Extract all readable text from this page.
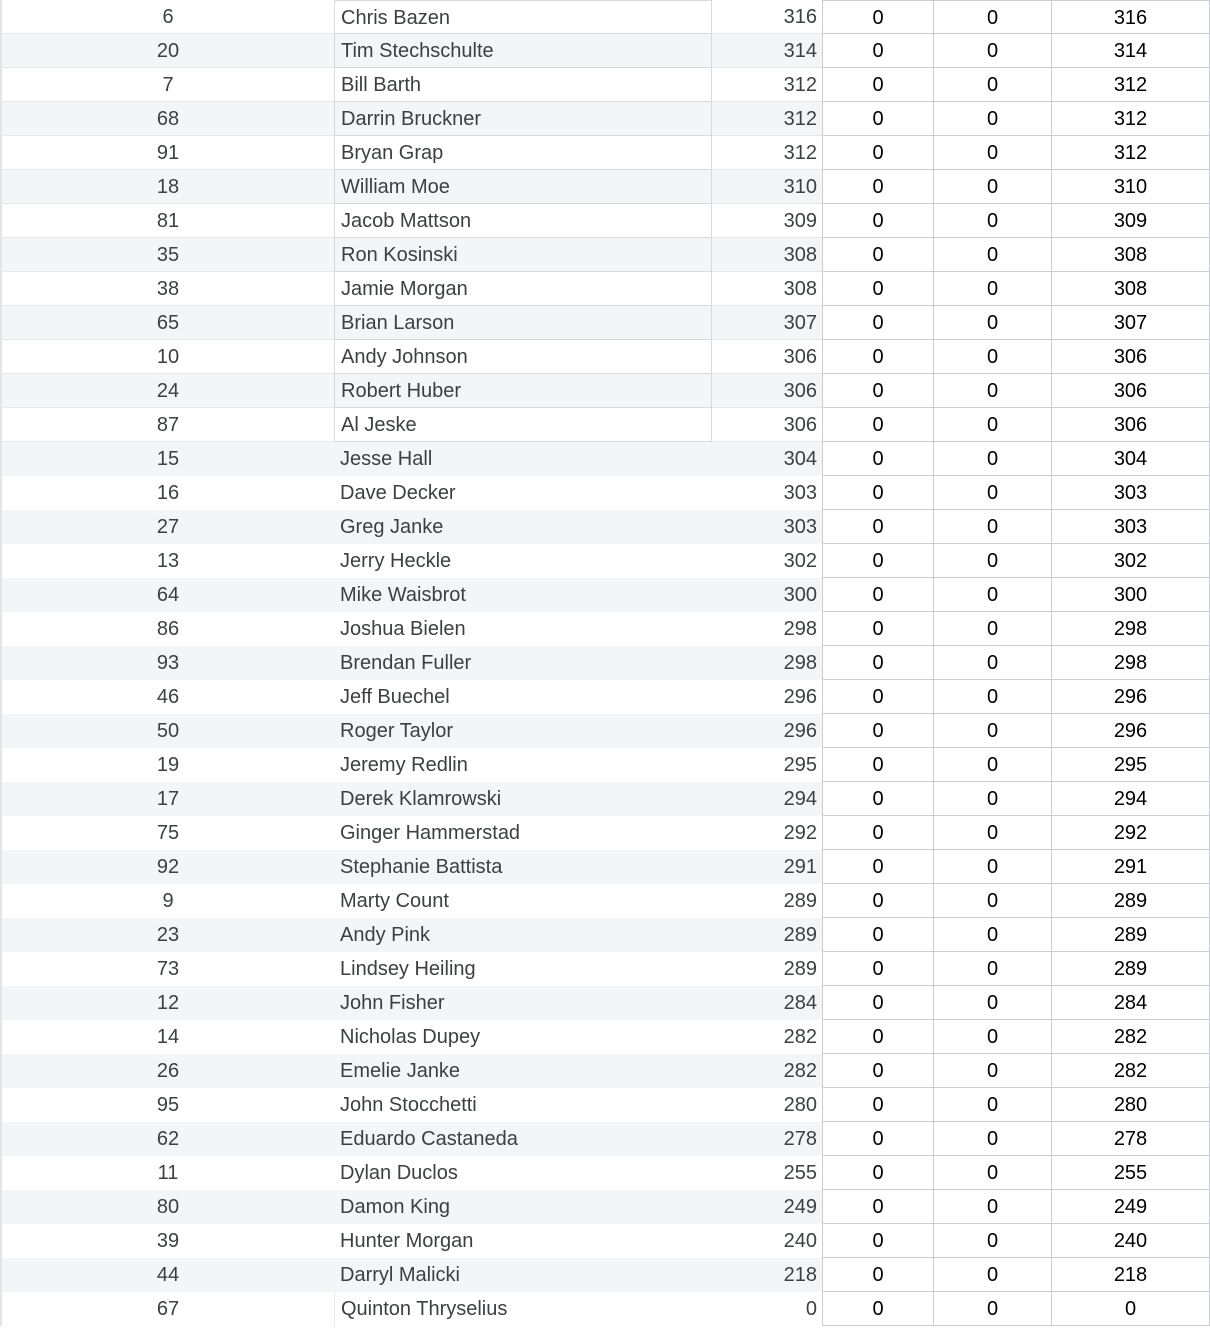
6	Chris Bazen	316	0	0	316
20	Tim Stechschulte	314	0	0	314
7	Bill Barth	312	0	0	312
68	Darrin Bruckner	312	0	0	312
91	Bryan Grap	312	0	0	312
18	William Moe	310	0	0	310
81	Jacob Mattson	309	0	0	309
35	Ron Kosinski	308	0	0	308
38	Jamie Morgan	308	0	0	308
65	Brian Larson	307	0	0	307
10	Andy Johnson	306	0	0	306
24	Robert Huber	306	0	0	306
87	Al Jeske	306	0	0	306
15	Jesse Hall	304	0	0	304
16	Dave Decker	303	0	0	303
27	Greg Janke	303	0	0	303
13	Jerry Heckle	302	0	0	302
64	Mike Waisbrot	300	0	0	300
86	Joshua Bielen	298	0	0	298
93	Brendan Fuller	298	0	0	298
46	Jeff Buechel	296	0	0	296
50	Roger Taylor	296	0	0	296
19	Jeremy Redlin	295	0	0	295
17	Derek Klamrowski	294	0	0	294
75	Ginger Hammerstad	292	0	0	292
92	Stephanie Battista	291	0	0	291
9	Marty Count	289	0	0	289
23	Andy Pink	289	0	0	289
73	Lindsey Heiling	289	0	0	289
12	John Fisher	284	0	0	284
14	Nicholas Dupey	282	0	0	282
26	Emelie Janke	282	0	0	282
95	John Stocchetti	280	0	0	280
62	Eduardo Castaneda	278	0	0	278
11	Dylan Duclos	255	0	0	255
80	Damon King	249	0	0	249
39	Hunter Morgan	240	0	0	240
44	Darryl Malicki	218	0	0	218
67	Quinton Thryselius	0	0	0	0
